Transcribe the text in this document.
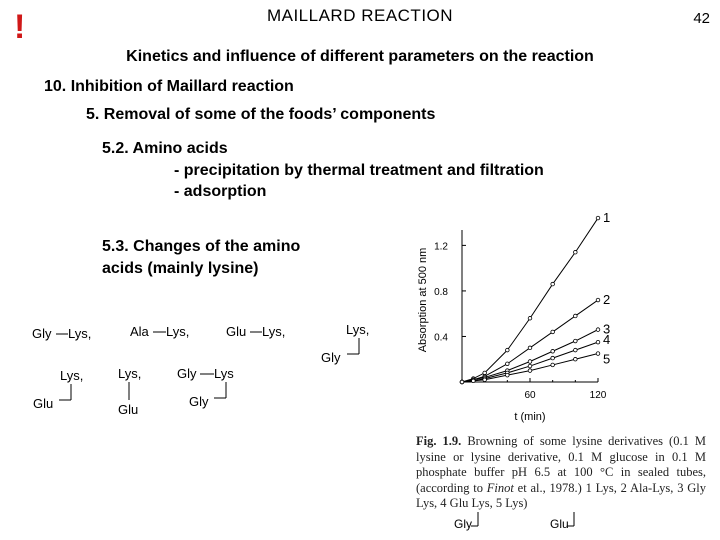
!	MAILLARD REACTION	42
Kinetics and influence of different parameters on the reaction
10. Inhibition of Maillard reaction
5. Removal of some of the foods’ components
5.2. Amino acids
- precipitation by thermal treatment and filtration
- adsorption
5.3. Changes of the amino acids (mainly lysine)
Gly Lys,	Ala Lys,	Glu Lys,	Lys,
Gly
Lys,
Glu
Lys,
Glu
Gly Lys
Gly	60	120
0.4
0.8
1.2
t (min)
Absorption at 500 nm
1
2
3
4
5
Fig. 1.9. Browning of some lysine derivatives (0.1 M lysine or lysine derivative, 0.1 M glucose in 0.1 M phosphate buffer pH 6.5 at 100 °C in sealed tubes, (according to Finot et al., 1978.) 1 Lys, 2 Ala-Lys, 3 Gly Lys, 4 Glu Lys, 5 Lys)
Gly	Glu
